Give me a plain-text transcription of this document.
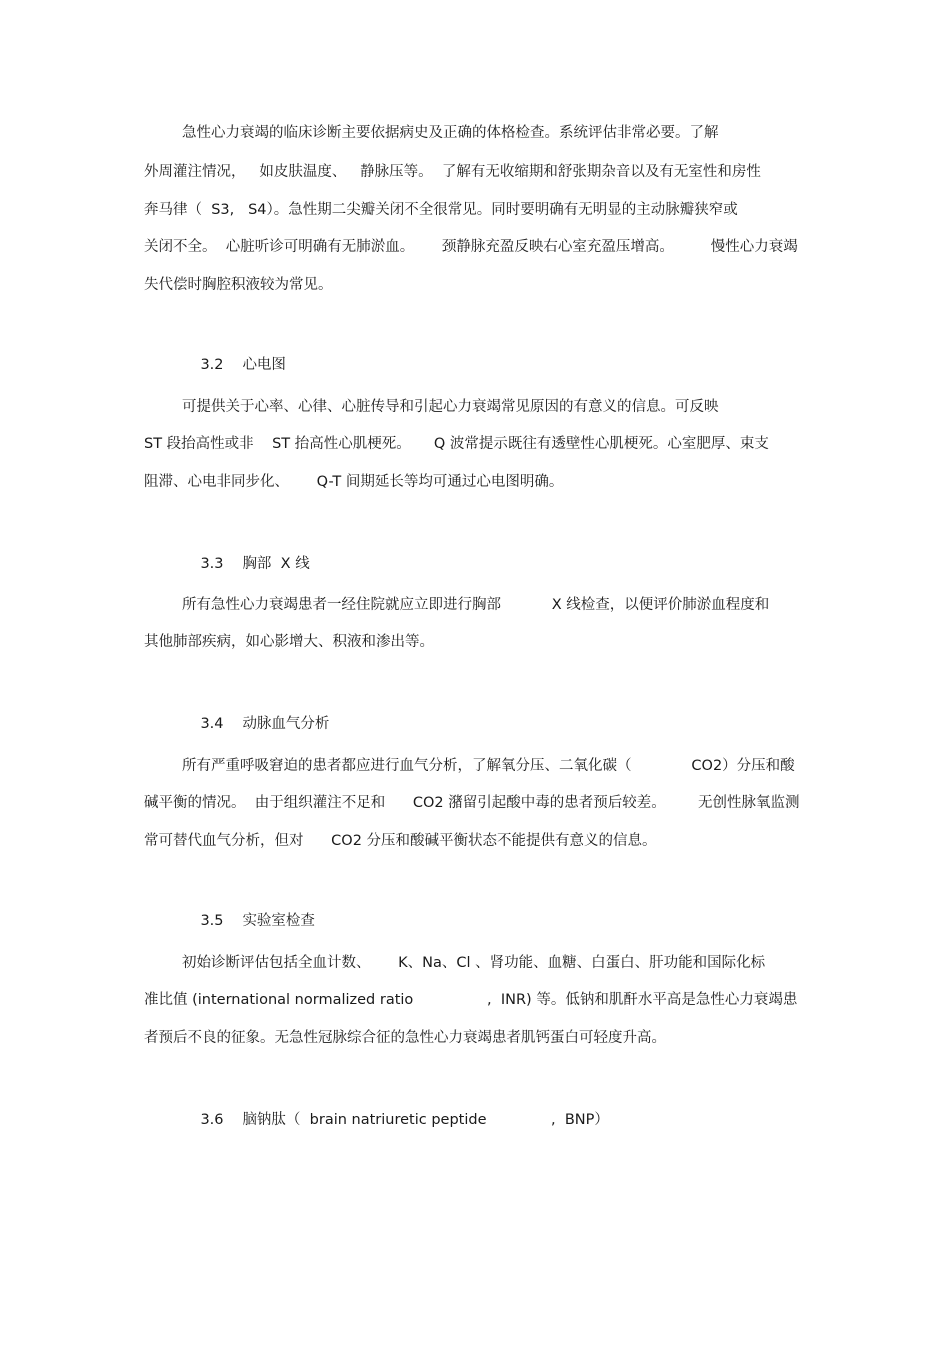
急性心力衰竭的临床诊断主要依据病史及正确的体格检查。系统评估非常必要。了解
外周灌注情况，   如皮肤温度、   静脉压等。  了解有无收缩期和舒张期杂音以及有无室性和房性
奔马律（  S3,   S4）。急性期二尖瓣关闭不全很常见。同时要明确有无明显的主动脉瓣狭窄或
关闭不全。  心脏听诊可明确有无肺淤血。      颈静脉充盈反映右心室充盈压增高。        慢性心力衰竭
失代偿时胸腔积液较为常见。

3.2 心电图

可提供关于心率、心律、心脏传导和引起心力衰竭常见原因的有意义的信息。可反映
ST 段抬高性或非    ST 抬高性心肌梗死。     Q 波常提示既往有透壁性心肌梗死。心室肥厚、束支
阻滞、心电非同步化、      Q-T 间期延长等均可通过心电图明确。

3.3 胸部  X 线

所有急性心力衰竭患者一经住院就应立即进行胸部           X 线检查，以便评价肺淤血程度和
其他肺部疾病，如心影增大、积液和渗出等。

3.4 动脉血气分析

所有严重呼吸窘迫的患者都应进行血气分析，了解氧分压、二氧化碳（             CO2）分压和酸
碱平衡的情况。  由于组织灌注不足和      CO2 潴留引起酸中毒的患者预后较差。       无创性脉氧监测
常可替代血气分析，但对      CO2 分压和酸碱平衡状态不能提供有意义的信息。

3.5 实验室检查

初始诊断评估包括全血计数、      K、Na、Cl 、肾功能、血糖、白蛋白、肝功能和国际化标
准比值 (international normalized ratio                ,  INR) 等。低钠和肌酐水平高是急性心力衰竭患
者预后不良的征象。无急性冠脉综合征的急性心力衰竭患者肌钙蛋白可轻度升高。

3.6 脑钠肽（  brain natriuretic peptide              ,  BNP）
